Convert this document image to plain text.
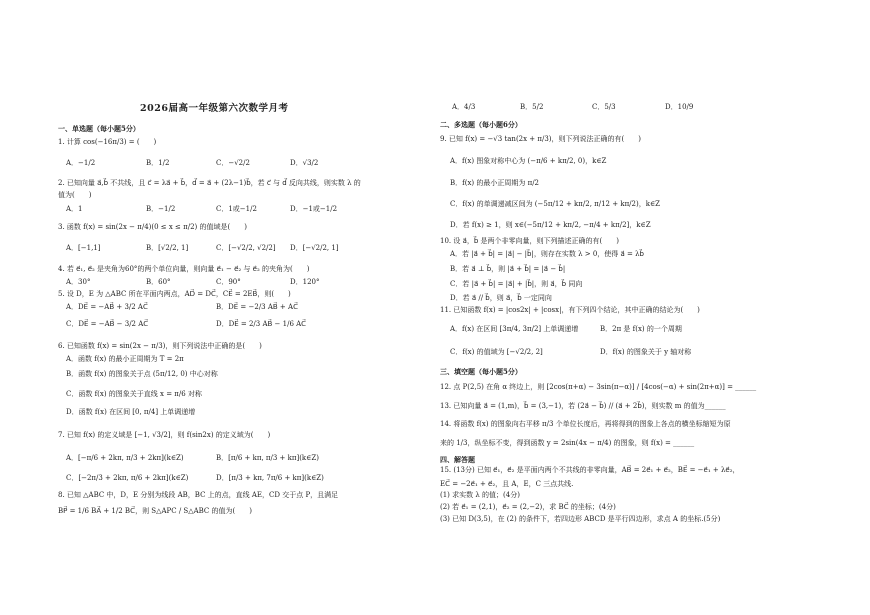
2026届高一年级第六次数学月考
一、单选题（每小题5分）
1. 计算 cos(−16π/3) = (　　)
A．−1/2	B．1/2	C．−√2/2	D．√3/2
2. 已知向量 a⃗,b⃗ 不共线，且 c⃗ = λa⃗ + b⃗，d⃗ = a⃗ + (2λ−1)b⃗，若 c⃗ 与 d⃗ 反向共线，则实数 λ 的
值为(　　)
A．1	B．−1/2	C．1或−1/2	D．−1或−1/2
3. 函数 f(x) = sin(2x − π/4)(0 ≤ x ≤ π/2) 的值域是(　　)
A．[−1,1]	B．[√2/2, 1]	C．[−√2/2, √2/2] D．[−√2/2, 1]
4. 若 e⃗₁, e⃗₂ 是夹角为60°的两个单位向量，则向量 e⃗₁ − e⃗₂ 与 e⃗₂ 的夹角为(　　)
A．30°	B．60°	C．90°	D．120°
5. 设 D，E 为 △ABC 所在平面内两点，AD⃗ = DC⃗，CE⃗ = 2EB⃗，则(　　)
A．DE⃗ = −AB⃗ + 3/2 AC⃗	B．DE⃗ = −2/3 AB⃗ + AC⃗
C．DE⃗ = −AB⃗ − 3/2 AC⃗	D．DE⃗ = 2/3 AB⃗ − 1/6 AC⃗
6. 已知函数 f(x) = sin(2x − π/3)，则下列说法中正确的是(　　)
A．函数 f(x) 的最小正周期为 T = 2π
B．函数 f(x) 的图象关于点 (5π/12, 0) 中心对称
C．函数 f(x) 的图象关于直线 x = π/6 对称
D．函数 f(x) 在区间 [0, π/4] 上单调递增
7. 已知 f(x) 的定义域是 [−1, √3/2]，则 f(sin2x) 的定义域为(　　)
A．[−π/6 + 2kπ, π/3 + 2kπ](k∈Z)	B．[π/6 + kπ, π/3 + kπ](k∈Z)
C．[−2π/3 + 2kπ, π/6 + 2kπ](k∈Z)	D．[π/3 + kπ, 7π/6 + kπ](k∈Z)
8. 已知 △ABC 中，D，E 分别为线段 AB，BC 上的点，直线 AE，CD 交于点 P，且满足
BP⃗ = 1/6 BA⃗ + 1/2 BC⃗，则 S△APC / S△ABC 的值为(　　)
A．4/3	B．5/2	C．5/3	D．10/9
二、多选题（每小题6分）
9. 已知 f(x) = −√3 tan(2x + π/3)，则下列说法正确的有(　　)
A．f(x) 图象对称中心为 (−π/6 + kπ/2, 0)，k∈Z
B．f(x) 的最小正周期为 π/2
C．f(x) 的单调递减区间为 (−5π/12 + kπ/2, π/12 + kπ/2)，k∈Z
D．若 f(x) ≥ 1，则 x∈(−5π/12 + kπ/2, −π/4 + kπ/2]，k∈Z
10. 设 a⃗，b⃗ 是两个非零向量，则下列描述正确的有(　　)
A．若 |a⃗ + b⃗| = |a⃗| − |b⃗|，则存在实数 λ > 0，使得 a⃗ = λb⃗
B．若 a⃗ ⊥ b⃗，则 |a⃗ + b⃗| = |a⃗ − b⃗|
C．若 |a⃗ + b⃗| = |a⃗| + |b⃗|，则 a⃗，b⃗ 同向
D．若 a⃗ // b⃗，则 a⃗，b⃗ 一定同向
11. 已知函数 f(x) = |cos2x| + |cosx|，有下列四个结论，其中正确的结论为(　　)
A．f(x) 在区间 [3π/4, 3π/2] 上单调递增	B．2π 是 f(x) 的一个周期
C．f(x) 的值域为 [−√2/2, 2]	D．f(x) 的图象关于 y 轴对称
三、填空题（每小题5分）
12. 点 P(2,5) 在角 α 终边上，则 [2cos(π+α) − 3sin(π−α)] / [4cos(−α) + sin(2π+α)] = ______
13. 已知向量 a⃗ = (1,m)，b⃗ = (3,−1)，若 (2a⃗ − b⃗) // (a⃗ + 2b⃗)，则实数 m 的值为______
14. 将函数 f(x) 的图象向右平移 π/3 个单位长度后，再将得到的图象上各点的横坐标缩短为原
来的 1/3，纵坐标不变，得到函数 y = 2sin(4x − π/4) 的图象，则 f(x) = ______
四、解答题
15. (13分) 已知 e⃗₁，e⃗₂ 是平面内两个不共线的非零向量，AB⃗ = 2e⃗₁ + e⃗₂，BE⃗ = −e⃗₁ + λe⃗₂，
EC⃗ = −2e⃗₁ + e⃗₂，且 A，E，C 三点共线.
(1) 求实数 λ 的值；(4分)
(2) 若 e⃗₁ = (2,1)，e⃗₂ = (2,−2)，求 BC⃗ 的坐标；(4分)
(3) 已知 D(3,5)，在 (2) 的条件下，若四边形 ABCD 是平行四边形，求点 A 的坐标.(5分)
